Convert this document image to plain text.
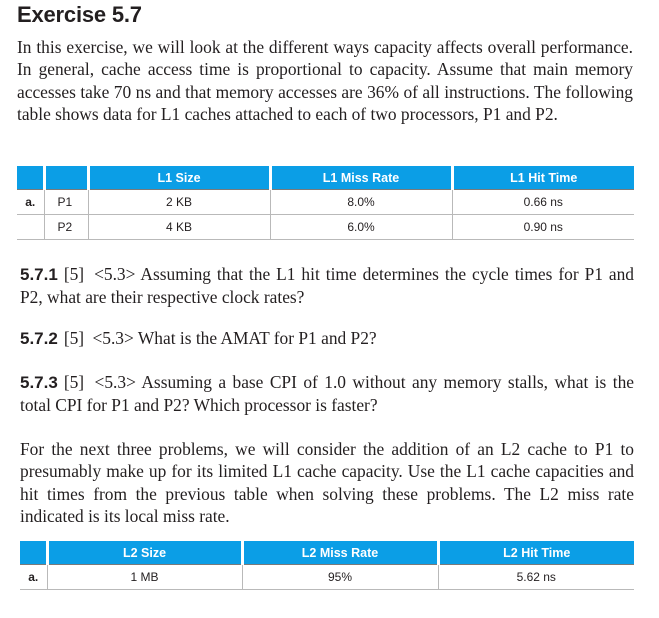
Exercise 5.7

In this exercise, we will look at the different ways capacity affects overall performance. In general, cache access time is proportional to capacity. Assume that main memory accesses take 70 ns and that memory accesses are 36% of all instructions. The following table shows data for L1 caches attached to each of two processors, P1 and P2.

		L1 Size	L1 Miss Rate	L1 Hit Time
a.	P1	2 KB	8.0%	0.66 ns
	P2	4 KB	6.0%	0.90 ns

5.7.1 [5] <5.3> Assuming that the L1 hit time determines the cycle times for P1 and P2, what are their respective clock rates?

5.7.2 [5] <5.3> What is the AMAT for P1 and P2?

5.7.3 [5] <5.3> Assuming a base CPI of 1.0 without any memory stalls, what is the total CPI for P1 and P2? Which processor is faster?

For the next three problems, we will consider the addition of an L2 cache to P1 to presumably make up for its limited L1 cache capacity. Use the L1 cache capacities and hit times from the previous table when solving these problems. The L2 miss rate indicated is its local miss rate.

	L2 Size	L2 Miss Rate	L2 Hit Time
a.	1 MB	95%	5.62 ns
